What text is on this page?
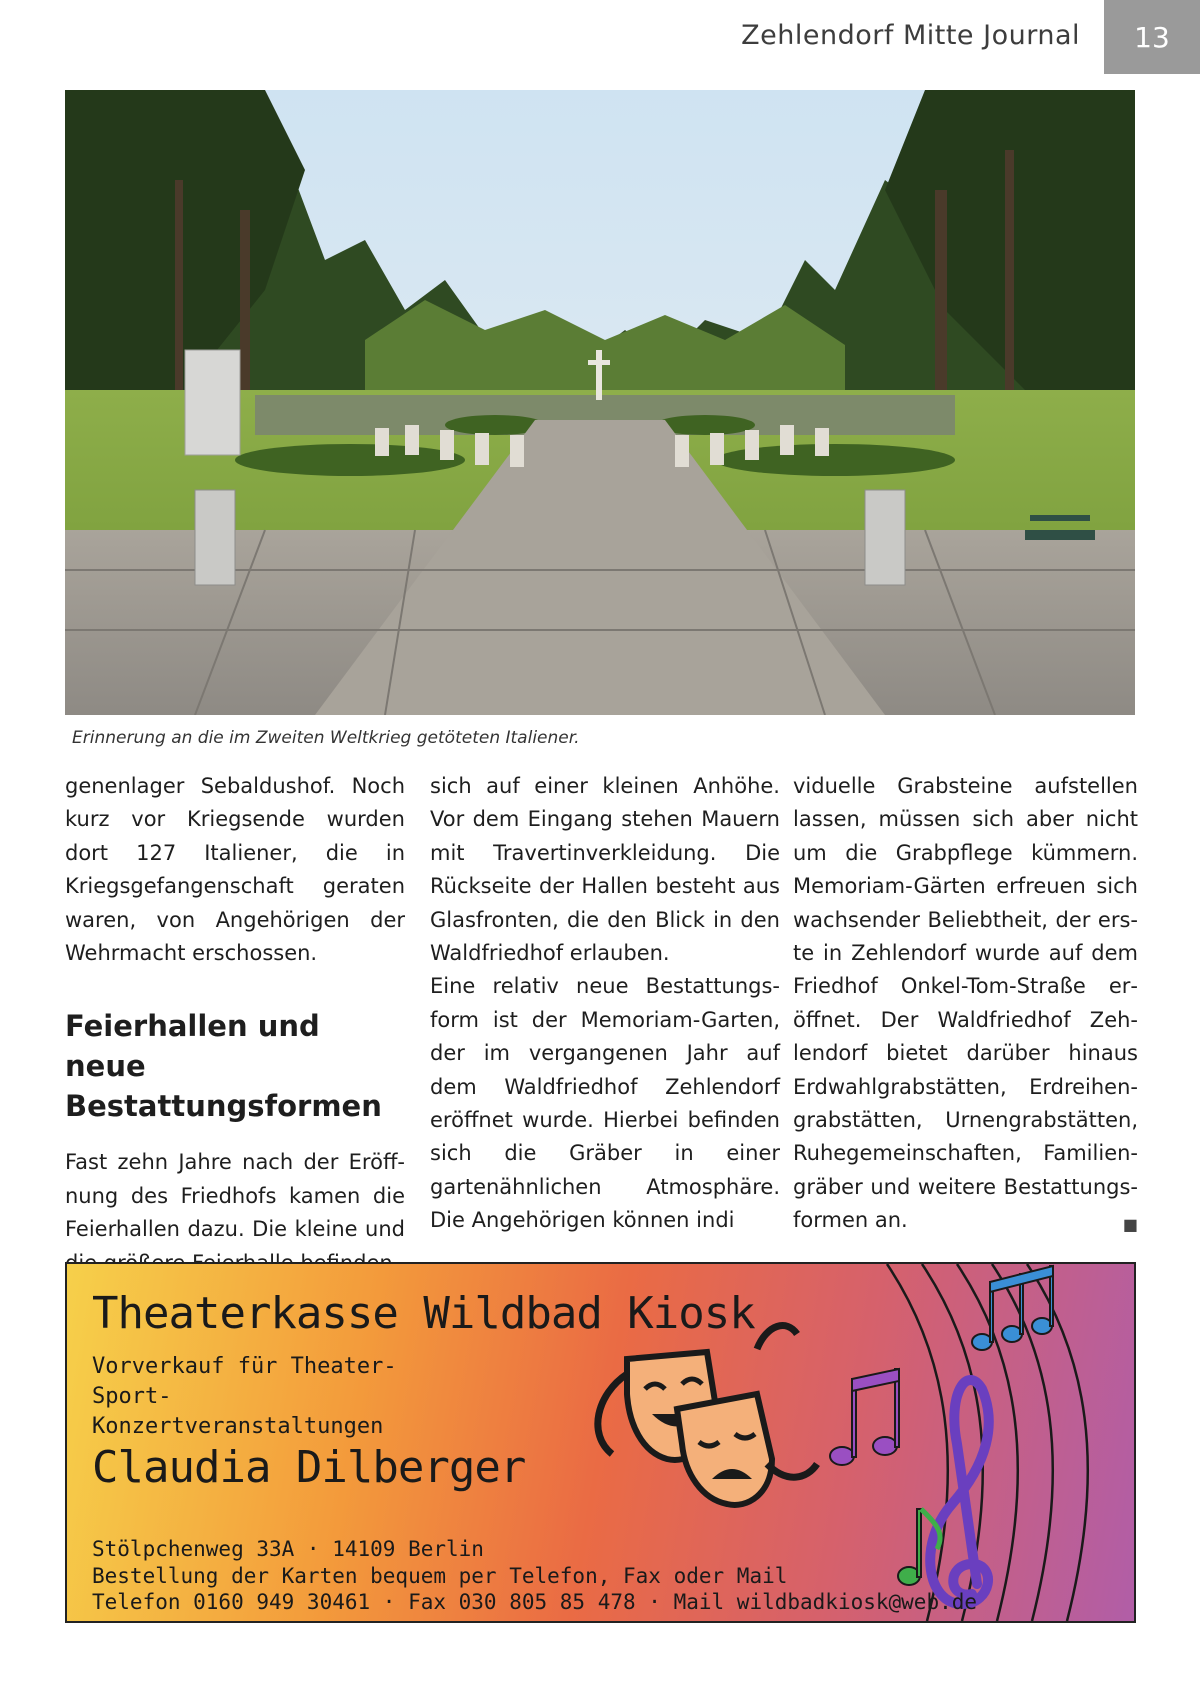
Zehlendorf Mitte Journal	13
Erinnerung an die im Zweiten Weltkrieg getöteten Italiener.

genenlager Sebaldushof. Noch kurz vor Kriegsende wurden dort 127 Italiener, die in Kriegsgefangenschaft geraten waren, von Angehörigen der Wehrmacht erschossen.

Feierhallen und neue Bestattungsformen

Fast zehn Jahre nach der Eröffnung des Friedhofs kamen die Feierhallen dazu. Die kleine und

sich auf einer kleinen Anhöhe. Vor dem Eingang stehen Mauern mit Travertinverkleidung. Die Rückseite der Hallen besteht aus Glasfronten, die den Blick in den Waldfriedhof erlauben.

Eine relativ neue Bestattungsform ist der Memoriam-Garten, der im vergangenen Jahr auf dem Waldfriedhof Zehlendorf eröffnet wurde. Hierbei befinden sich die Gräber in einer gartenähnlichen Atmosphäre. Die Angehörigen können indi

viduelle Grabsteine aufstellen lassen, müssen sich aber nicht um die Grabpflege kümmern. Memoriam-Gärten erfreuen sich wachsender Beliebtheit, der erste in Zehlendorf wurde auf dem Friedhof Onkel-Tom-Straße eröffnet. Der Waldfriedhof Zehlendorf bietet darüber hinaus Erdwahlgrabstätten, Erdreihengrabstätten, Urnengrabstätten, Ruhegemeinschaften, Familiengräber und weitere Bestattungsformen an.	■

Theaterkasse Wildbad Kiosk
Vorverkauf für Theater-Sport-Konzertveranstaltungen
Claudia Dilberger
Stölpchenweg 33A · 14109 Berlin
Bestellung der Karten bequem per Telefon, Fax oder Mail
Telefon 0160 949 30461 · Fax 030 805 85 478 · Mail wildbadkiosk@web.de
